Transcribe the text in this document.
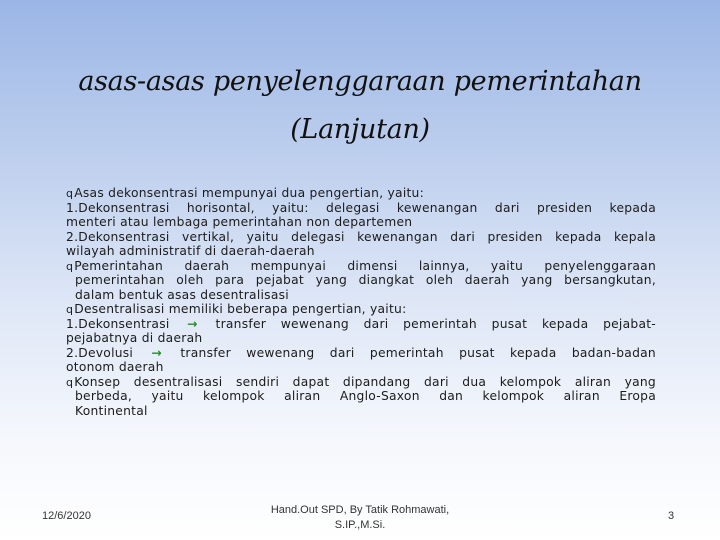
asas-asas penyelenggaraan pemerintahan
(Lanjutan)
qAsas dekonsentrasi mempunyai dua pengertian, yaitu:
1.Dekonsentrasi horisontal, yaitu: delegasi kewenangan dari presiden kepada
menteri atau lembaga pemerintahan non departemen
2.Dekonsentrasi vertikal, yaitu delegasi kewenangan dari presiden kepada kepala
wilayah administratif di daerah-daerah
qPemerintahan daerah mempunyai dimensi lainnya, yaitu penyelenggaraan
pemerintahan oleh para pejabat yang diangkat oleh daerah yang bersangkutan,
dalam bentuk asas desentralisasi
qDesentralisasi memiliki beberapa pengertian, yaitu:
1.Dekonsentrasi → transfer wewenang dari pemerintah pusat kepada pejabat-
pejabatnya di daerah
2.Devolusi → transfer wewenang dari pemerintah pusat kepada badan-badan
otonom daerah
qKonsep desentralisasi sendiri dapat dipandang dari dua kelompok aliran yang
berbeda, yaitu kelompok aliran Anglo-Saxon dan kelompok aliran Eropa
Kontinental
12/6/2020	Hand.Out SPD, By Tatik Rohmawati,
S.IP.,M.Si.
3
